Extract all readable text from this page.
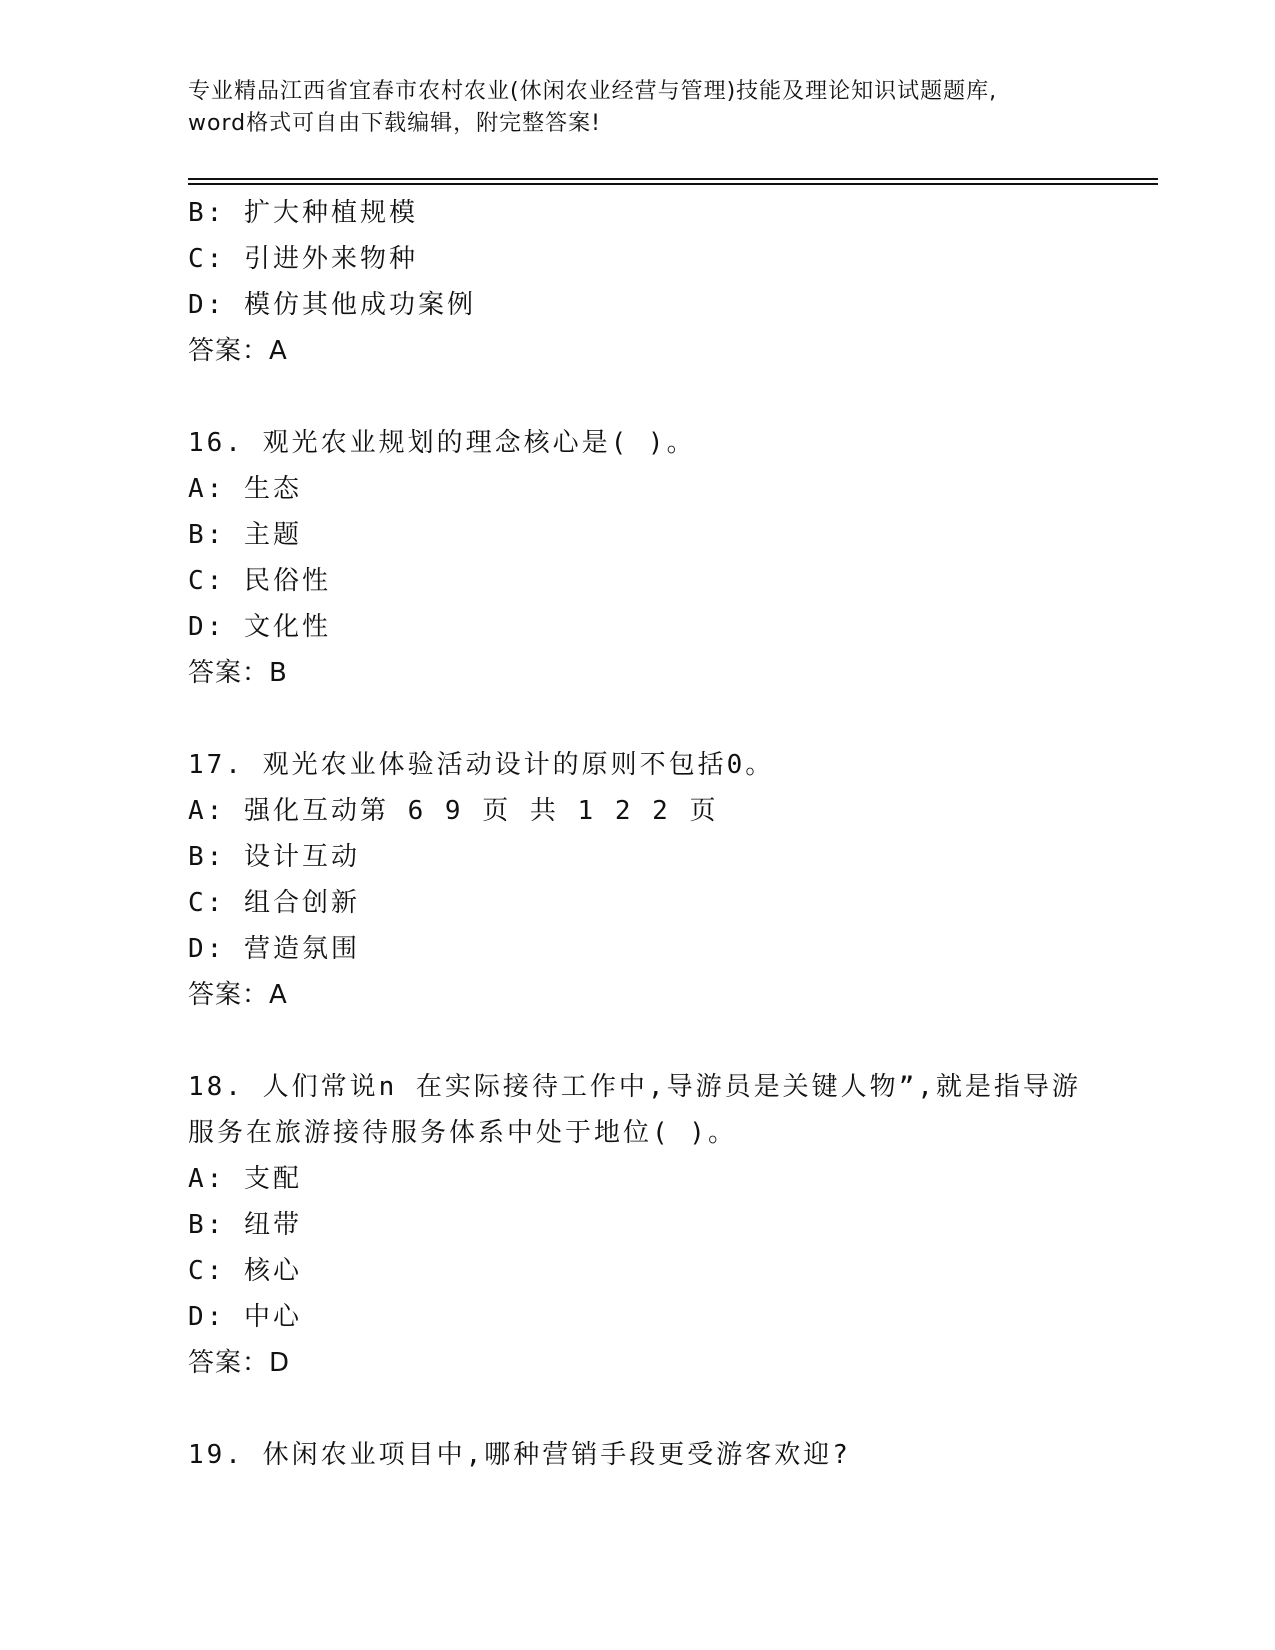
专业精品江西省宜春市农村农业(休闲农业经营与管理)技能及理论知识试题题库,
word格式可自由下载编辑，附完整答案!
B: 扩大种植规模
C: 引进外来物种
D: 模仿其他成功案例
答案：A
16. 观光农业规划的理念核心是( )。
A: 生态
B: 主题
C: 民俗性
D: 文化性
答案：B
17. 观光农业体验活动设计的原则不包括0。
A: 强化互动第 6 9 页 共 1 2 2 页
B: 设计互动
C: 组合创新
D: 营造氛围
答案：A
18. 人们常说n 在实际接待工作中,导游员是关键人物”,就是指导游
服务在旅游接待服务体系中处于地位( )。
A: 支配
B: 纽带
C: 核心
D: 中心
答案：D
19. 休闲农业项目中,哪种营销手段更受游客欢迎?
